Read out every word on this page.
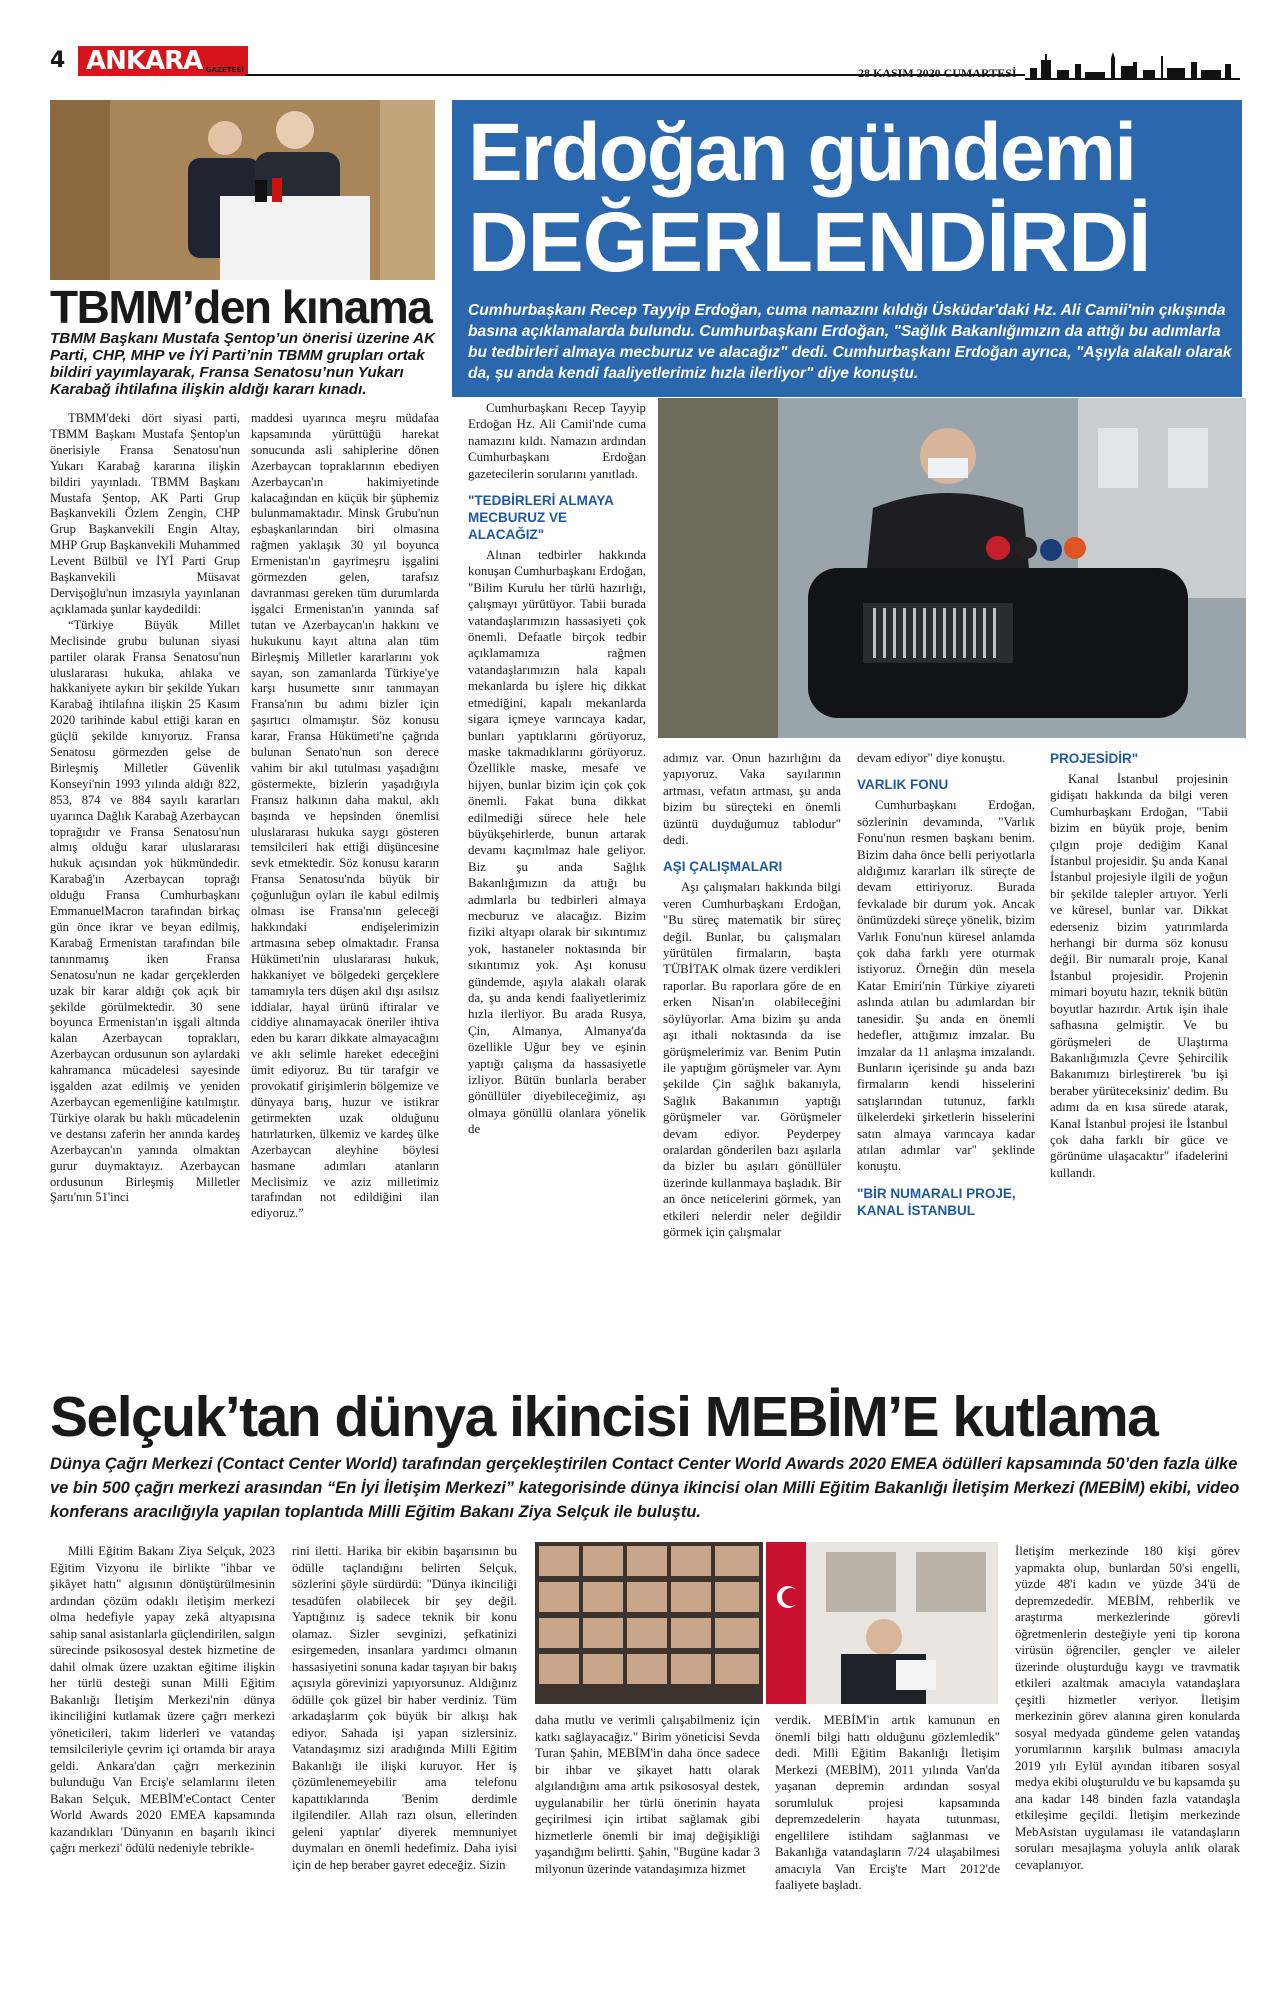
4 ANKARA GAZETESİ	28 KASIM 2020 CUMARTESİ
TBMM’den kınama
TBMM Başkanı Mustafa Şentop’un önerisi üzerine AK Parti, CHP, MHP ve İYİ Parti’nin TBMM grupları ortak bildiri yayımlayarak, Fransa Senatosu’nun Yukarı Karabağ ihtilafına ilişkin aldığı kararı kınadı.

TBMM'deki dört siyasi parti, TBMM Başkanı Mustafa Şentop'un önerisiyle Fransa Senatosu'nun Yukarı Karabağ kararına ilişkin bildiri yayınladı. TBMM Başkanı Mustafa Şentop, AK Parti Grup Başkanvekili Özlem Zengin, CHP Grup Başkanvekili Engin Altay, MHP Grup Başkanvekili Muhammed Levent Bülbül ve İYİ Parti Grup Başkanvekili Müsavat Dervişoğlu'nun imzasıyla yayınlanan açıklamada şunlar kaydedildi:

“Türkiye Büyük Millet Meclisinde grubu bulunan siyasi partiler olarak Fransa Senatosu'nun uluslararası hukuka, ahlaka ve hakkaniyete aykırı bir şekilde Yukarı Karabağ ihtilafına ilişkin 25 Kasım 2020 tarihinde kabul ettiği karan en güçlü şekilde kınıyoruz. Fransa Senatosu görmezden gelse de Birleşmiş Milletler Güvenlik Konseyi'nin 1993 yılında aldığı 822, 853, 874 ve 884 sayılı kararları uyarınca Dağlık Karabağ Azerbaycan toprağıdır ve Fransa Senatosu'nun almış olduğu karar uluslararası hukuk açısından yok hükmündedir. Karabağ'ın Azerbaycan toprağı olduğu Fransa Cumhurbaşkanı EmmanuelMacron tarafından birkaç gün önce ikrar ve beyan edilmiş, Karabağ Ermenistan tarafından bile tanınmamış iken Fransa Senatosu'nun ne kadar gerçeklerden uzak bir karar aldığı çok açık bir şekilde görülmektedir. 30 sene boyunca Ermenistan'ın işgali altında kalan Azerbaycan toprakları, Azerbaycan ordusunun son aylardaki kahramanca mücadelesi sayesinde işgalden azat edilmiş ve yeniden Azerbaycan egemenliğine katılmıştır. Türkiye olarak bu haklı mücadelenin ve destansı zaferin her anında kardeş Azerbaycan'ın yanında olmaktan gurur duymaktayız. Azerbaycan ordusunun Birleşmiş Milletler Şartı'nın 51'inci

maddesi uyarınca meşru müdafaa kapsamında yürüttüğü harekat sonucunda asli sahiplerine dönen Azerbaycan topraklarının ebediyen Azerbaycan'ın hakimiyetinde kalacağından en küçük bir şüphemiz bulunmamaktadır. Minsk Grubu'nun eşbaşkanlarından biri olmasına rağmen yaklaşık 30 yıl boyunca Ermenistan'ın gayrimeşru işgalini görmezden gelen, tarafsız davranması gereken tüm durumlarda işgalci Ermenistan'ın yanında saf tutan ve Azerbaycan'ın hakkını ve hukukunu kayıt altına alan tüm Birleşmiş Milletler kararlarını yok sayan, son zamanlarda Türkiye'ye karşı husumette sınır tanımayan Fransa'nın bu adımı bizler için şaşırtıcı olmamıştır. Söz konusu karar, Fransa Hükümeti'ne çağrıda bulunan Senato'nun son derece vahim bir akıl tutulması yaşadığını göstermekte, bizlerin yaşadığıyla Fransız halkının daha makul, aklı başında ve hepsinden önemlisi uluslararası hukuka saygı gösteren temsilcileri hak ettiği düşüncesine sevk etmektedir. Söz konusu kararın Fransa Senatosu'nda büyük bir çoğunluğun oyları ile kabul edilmiş olması ise Fransa'nın geleceği hakkındaki endişelerimizin artmasına sebep olmaktadır. Fransa Hükümeti'nin uluslararası hukuk, hakkaniyet ve bölgedeki gerçeklere tamamıyla ters düşen akıl dışı asılsız iddialar, hayal ürünü iftiralar ve ciddiye alınamayacak öneriler ihtiva eden bu kararı dikkate almayacağını ve aklı selimle hareket edeceğini ümit ediyoruz. Bu tür tarafgir ve provokatif girişimlerin bölgemize ve dünyaya barış, huzur ve istikrar getirmekten uzak olduğunu hatırlatırken, ülkemiz ve kardeş ülke Azerbaycan aleyhine böylesi hasmane adımları atanların Meclisimiz ve aziz milletimiz tarafından not edildiğini ilan ediyoruz.”

Erdoğan gündemi
DEĞERLENDİRDİ
Cumhurbaşkanı Recep Tayyip Erdoğan, cuma namazını kıldığı Üsküdar'daki Hz. Ali Camii'nin çıkışında basına açıklamalarda bulundu. Cumhurbaşkanı Erdoğan, "Sağlık Bakanlığımızın da attığı bu adımlarla bu tedbirleri almaya mecburuz ve alacağız" dedi. Cumhurbaşkanı Erdoğan ayrıca, "Aşıyla alakalı olarak da, şu anda kendi faaliyetlerimiz hızla ilerliyor" diye konuştu.

Cumhurbaşkanı Recep Tayyip Erdoğan Hz. Ali Camii'nde cuma namazını kıldı. Namazın ardından Cumhurbaşkanı Erdoğan gazetecilerin sorularını yanıtladı.

"TEDBİRLERİ ALMAYA MECBURUZ VE ALACAĞIZ"

Alınan tedbirler hakkında konuşan Cumhurbaşkanı Erdoğan, "Bilim Kurulu her türlü hazırlığı, çalışmayı yürütüyor. Tabii burada vatandaşlarımızın hassasiyeti çok önemli. Defaatle birçok tedbir açıklamamıza rağmen vatandaşlarımızın hala kapalı mekanlarda bu işlere hiç dikkat etmediğini, kapalı mekanlarda sigara içmeye varıncaya kadar, bunları yaptıklarını görüyoruz, maske takmadıklarını görüyoruz. Özellikle maske, mesafe ve hijyen, bunlar bizim için çok çok önemli. Fakat buna dikkat edilmediği sürece hele hele büyükşehirlerde, bunun artarak devamı kaçınılmaz hale geliyor. Biz şu anda Sağlık Bakanlığımızın da attığı bu adımlarla bu tedbirleri almaya mecburuz ve alacağız. Bizim fiziki altyapı olarak bir sıkıntımız yok, hastaneler noktasında bir sıkıntımız yok. Aşı konusu gündemde, aşıyla alakalı olarak da, şu anda kendi faaliyetlerimiz hızla ilerliyor. Bu arada Rusya, Çin, Almanya, Almanya'da özellikle Uğur bey ve eşinin yaptığı çalışma da hassasiyetle izliyor. Bütün bunlarla beraber gönüllüler diyebileceğimiz, aşı olmaya gönüllü olanlara yönelik de

adımız var. Onun hazırlığını da yapıyoruz. Vaka sayılarının artması, vefatın artması, şu anda bizim bu süreçteki en önemli üzüntü duyduğumuz tablodur" dedi.

AŞI ÇALIŞMALARI

Aşı çalışmaları hakkında bilgi veren Cumhurbaşkanı Erdoğan, "Bu süreç matematik bir süreç değil. Bunlar, bu çalışmaları yürütülen firmaların, başta TÜBİTAK olmak üzere verdikleri raporlar. Bu raporlara göre de en erken Nisan'ın olabileceğini söylüyorlar. Ama bizim şu anda aşı ithali noktasında da ise görüşmelerimiz var. Benim Putin ile yaptığım görüşmeler var. Aynı şekilde Çin sağlık bakanıyla, Sağlık Bakanımın yaptığı görüşmeler var. Görüşmeler devam ediyor. Peyderpey oralardan gönderilen bazı aşılarla da bizler bu aşıları gönüllüler üzerinde kullanmaya başladık. Bir an önce neticelerini görmek, yan etkileri nelerdir neler değildir görmek için çalışmalar

devam ediyor" diye konuştu.

VARLIK FONU

Cumhurbaşkanı Erdoğan, sözlerinin devamında, "Varlık Fonu'nun resmen başkanı benim. Bizim daha önce belli periyotlarla aldığımız kararları ilk süreçte de devam ettiriyoruz. Burada fevkalade bir durum yok. Ancak önümüzdeki süreçe yönelik, bizim Varlık Fonu'nun küresel anlamda çok daha farklı yere oturmak istiyoruz. Örneğin dün mesela Katar Emiri'nin Türkiye ziyareti aslında atılan bu adımlardan bir tanesidir. Şu anda en önemli hedefler, attığımız imzalar. Bu imzalar da 11 anlaşma imzalandı. Bunların içerisinde şu anda bazı firmaların kendi hisselerini satışlarından tutunuz, farklı ülkelerdeki şirketlerin hisselerini satın almaya varıncaya kadar atılan adımlar var" şeklinde konuştu.

"BİR NUMARALI PROJE, KANAL İSTANBUL
PROJESİDİR"

Kanal İstanbul projesinin gidişatı hakkında da bilgi veren Cumhurbaşkanı Erdoğan, "Tabii bizim en büyük proje, benim çılgın proje dediğim Kanal İstanbul projesidir. Şu anda Kanal İstanbul projesiyle ilgili de yoğun bir şekilde talepler artıyor. Yerli ve küresel, bunlar var. Dikkat ederseniz bizim yatırımlarda herhangi bir durma söz konusu değil. Bir numaralı proje, Kanal İstanbul projesidir. Projenin mimari boyutu hazır, teknik bütün boyutlar hazırdır. Artık işin ihale safhasına gelmiştir. Ve bu görüşmeleri de Ulaştırma Bakanlığımızla Çevre Şehircilik Bakanımızı birleştirerek 'bu işi beraber yürüteceksiniz' dedim. Bu adımı da en kısa sürede atarak, Kanal İstanbul projesi ile İstanbul çok daha farklı bir güce ve görünüme ulaşacaktır" ifadelerini kullandı.

Selçuk’tan dünya ikincisi MEBİM’E kutlama
Dünya Çağrı Merkezi (Contact Center World) tarafından gerçekleştirilen Contact Center World Awards 2020 EMEA ödülleri kapsamında 50’den fazla ülke ve bin 500 çağrı merkezi arasından “En İyi İletişim Merkezi” kategorisinde dünya ikincisi olan Milli Eğitim Bakanlığı İletişim Merkezi (MEBİM) ekibi, video konferans aracılığıyla yapılan toplantıda Milli Eğitim Bakanı Ziya Selçuk ile buluştu.

Milli Eğitim Bakanı Ziya Selçuk, 2023 Eğitim Vizyonu ile birlikte "ihbar ve şikâyet hattı" algısının dönüştürülmesinin ardından çözüm odaklı iletişim merkezi olma hedefiyle yapay zekâ altyapısına sahip sanal asistanlarla güçlendirilen, salgın sürecinde psikososyal destek hizmetine de dahil olmak üzere uzaktan eğitime ilişkin her türlü desteği sunan Milli Eğitim Bakanlığı İletişim Merkezi'nin dünya ikinciliğini kutlamak üzere çağrı merkezi yöneticileri, takım liderleri ve vatandaş temsilcileriyle çevrim içi ortamda bir araya geldi. Ankara'dan çağrı merkezinin bulunduğu Van Erciş'e selamlarını ileten Bakan Selçuk, MEBİM'eContact Center World Awards 2020 EMEA kapsamında kazandıkları 'Dünyanın en başarılı ikinci çağrı merkezi' ödülü nedeniyle tebrikle-

rini iletti. Harika bir ekibin başarısının bu ödülle taçlandığını belirten Selçuk, sözlerini şöyle sürdürdü: "Dünya ikinciliği tesadüfen olabilecek bir şey değil. Yaptığınız iş sadece teknik bir konu olamaz. Sizler sevginizi, şefkatinizi esirgemeden, insanlara yardımcı olmanın hassasiyetini sonuna kadar taşıyan bir bakış açısıyla görevinizi yapıyorsunuz. Aldığınız ödülle çok güzel bir haber verdiniz. Tüm arkadaşlarım çok büyük bir alkışı hak ediyor. Sahada işi yapan sizlersiniz. Vatandaşımız sizi aradığında Milli Eğitim Bakanlığı ile ilişki kuruyor. Her iş çözümlenemeyebilir ama telefonu kapattıklarında 'Benim derdimle ilgilendiler. Allah razı olsun, ellerinden geleni yaptılar' diyerek memnuniyet duymaları en önemli hedefimiz. Daha iyisi için de hep beraber gayret edeceğiz. Sizin

daha mutlu ve verimli çalışabilmeniz için katkı sağlayacağız." Birim yöneticisi Sevda Turan Şahin, MEBİM'in daha önce sadece bir ihbar ve şikayet hattı olarak algılandığını ama artık psikososyal destek, uygulanabilir her türlü önerinin hayata geçirilmesi için irtibat sağlamak gibi hizmetlerle önemli bir imaj değişikliği yaşandığını belirtti. Şahin, "Bugüne kadar 3 milyonun üzerinde vatandaşımıza hizmet

verdik. MEBİM'in artık kamunun en önemli bilgi hattı olduğunu gözlemledik" dedi. Milli Eğitim Bakanlığı İletişim Merkezi (MEBİM), 2011 yılında Van'da yaşanan depremin ardından sosyal sorumluluk projesi kapsamında depremzedelerin hayata tutunması, engellilere istihdam sağlanması ve Bakanlığa vatandaşların 7/24 ulaşabilmesi amacıyla Van Erciş'te Mart 2012'de faaliyete başladı.

İletişim merkezinde 180 kişi görev yapmakta olup, bunlardan 50'si engelli, yüzde 48'i kadın ve yüzde 34'ü de depremzededir. MEBİM, rehberlik ve araştırma merkezlerinde görevli öğretmenlerin desteğiyle yeni tip korona virüsün öğrenciler, gençler ve aileler üzerinde oluşturduğu kaygı ve travmatik etkileri azaltmak amacıyla vatandaşlara çeşitli hizmetler veriyor. İletişim merkezinin görev alanına giren konularda sosyal medyada gündeme gelen vatandaş yorumlarının karşılık bulması amacıyla 2019 yılı Eylül ayından itibaren sosyal medya ekibi oluşturuldu ve bu kapsamda şu ana kadar 148 binden fazla vatandaşla etkileşime geçildi. İletişim merkezinde MebAsistan uygulaması ile vatandaşların soruları mesajlaşma yoluyla anlık olarak cevaplanıyor.
